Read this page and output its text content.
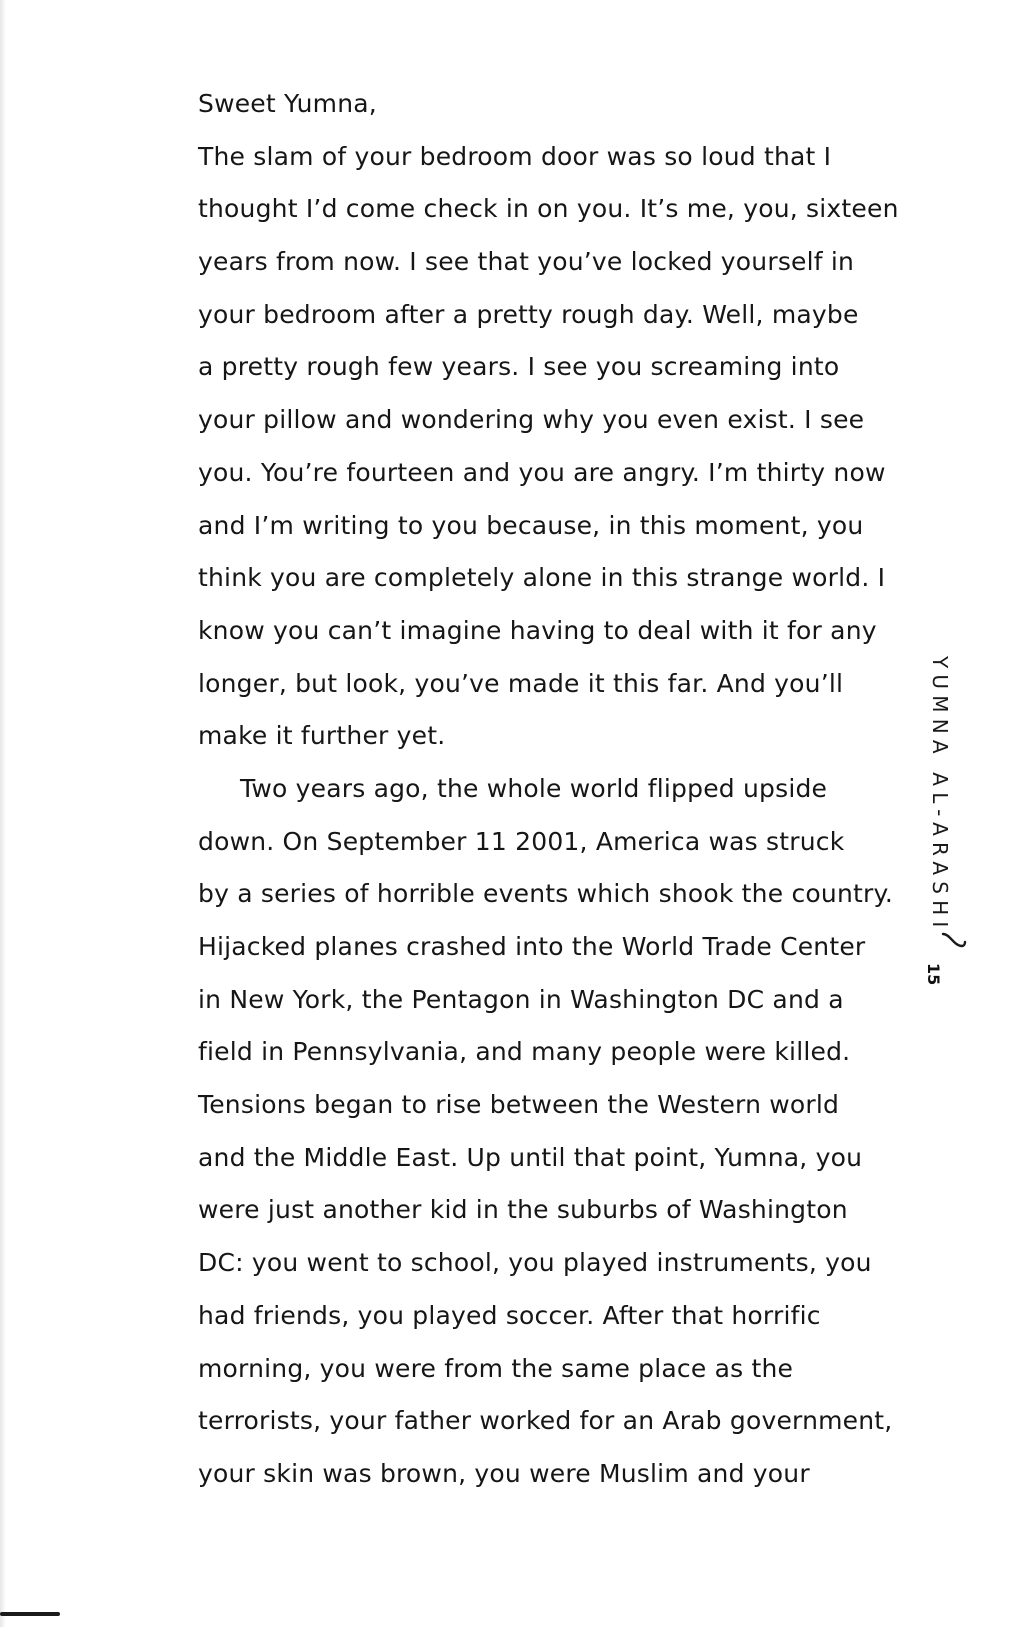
Sweet Yumna,
The slam of your bedroom door was so loud that I
thought I’d come check in on you. It’s me, you, sixteen
years from now. I see that you’ve locked yourself in
your bedroom after a pretty rough day. Well, maybe
a pretty rough few years. I see you screaming into
your pillow and wondering why you even exist. I see
you. You’re fourteen and you are angry. I’m thirty now
and I’m writing to you because, in this moment, you
think you are completely alone in this strange world. I
know you can’t imagine having to deal with it for any
longer, but look, you’ve made it this far. And you’ll
make it further yet.
Two years ago, the whole world flipped upside
down. On September 11 2001, America was struck
by a series of horrible events which shook the country.
Hijacked planes crashed into the World Trade Center
in New York, the Pentagon in Washington DC and a
field in Pennsylvania, and many people were killed.
Tensions began to rise between the Western world
and the Middle East. Up until that point, Yumna, you
were just another kid in the suburbs of Washington
DC: you went to school, you played instruments, you
had friends, you played soccer. After that horrific
morning, you were from the same place as the
terrorists, your father worked for an Arab government,
your skin was brown, you were Muslim and your
YUMNA AL-ARASHI
15
